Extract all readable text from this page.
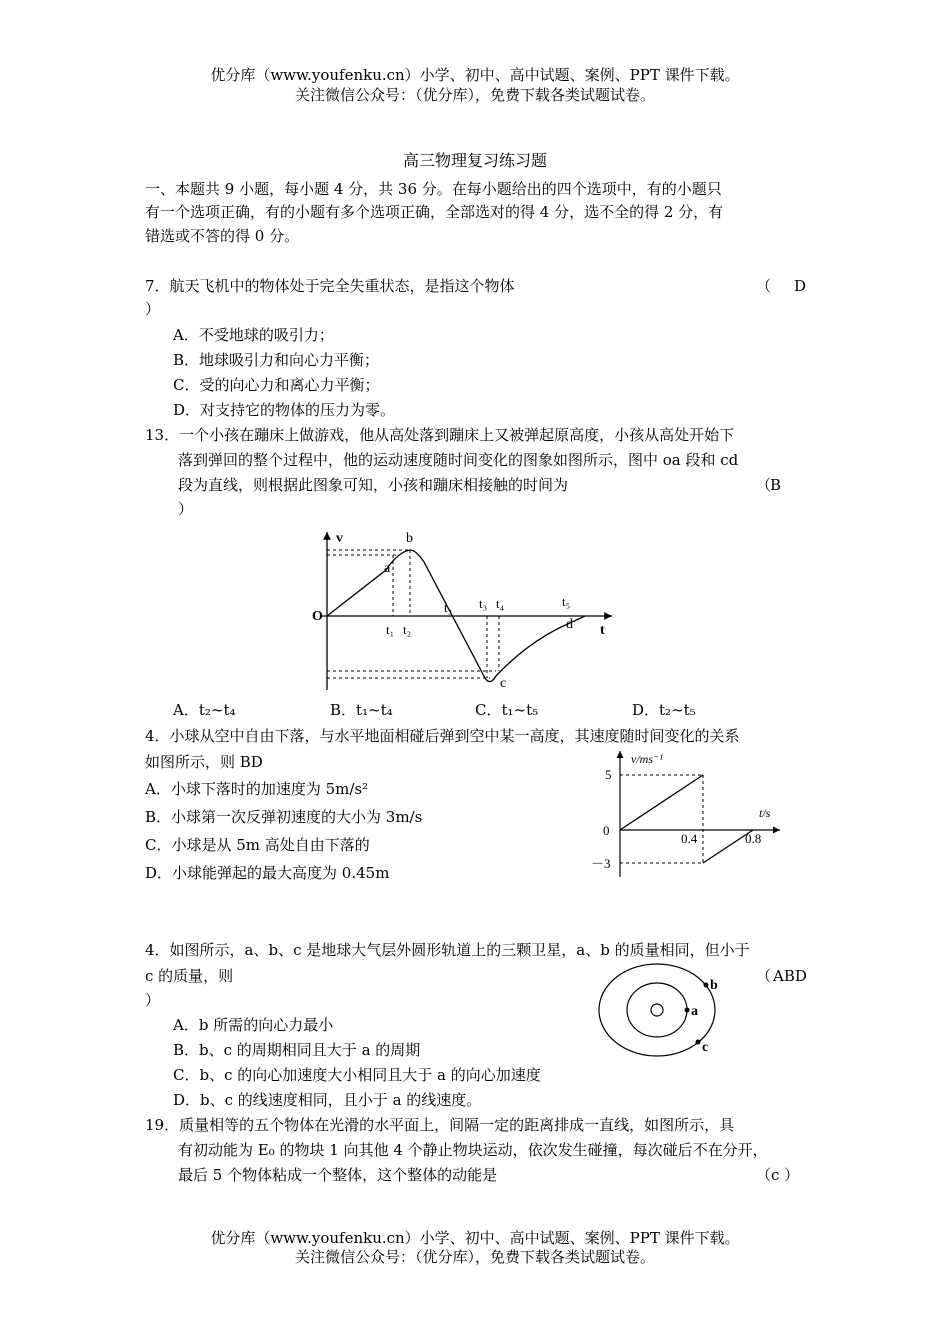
优分库（www.youfenku.cn）小学、初中、高中试题、案例、PPT 课件下载。
关注微信公众号：（优分库），免费下载各类试题试卷。
高三物理复习练习题
一、本题共 9 小题，每小题 4 分，共 36 分。在每小题给出的四个选项中，有的小题只
有一个选项正确，有的小题有多个选项正确，全部选对的得 4 分，选不全的得 2 分，有
错选或不答的得 0 分。
7．航天飞机中的物体处于完全失重状态，是指这个物体	（ D
）
A．不受地球的吸引力；
B．地球吸引力和向心力平衡；
C．受的向心力和离心力平衡；
D．对支持它的物体的压力为零。
13．一个小孩在蹦床上做游戏，他从高处落到蹦床上又被弹起原高度，小孩从高处开始下
落到弹回的整个过程中，他的运动速度随时间变化的图象如图所示，图中 oa 段和 cd
段为直线，则根据此图象可知，小孩和蹦床相接触的时间为	（
B
）
v
O
t
b
a
c
d
t₁ t₂
t₃ t₃ t₄	t₅
A．t₂~t₄	B．t₁~t₄	C．t₁~t₅	D．t₂~t₅
4．小球从空中自由下落，与水平地面相碰后弹到空中某一高度，其速度随时间变化的关系
如图所示，则 BD
A．小球下落时的加速度为 5m/s²
B．小球第一次反弹初速度的大小为 3m/s
C．小球是从 5m 高处自由下落的
D．小球能弹起的最大高度为 0.45m
v/ms⁻¹
t/s
5
0
－3
0.4	0.8
4．如图所示，a、b、c 是地球大气层外圆形轨道上的三颗卫星，a、b 的质量相同，但小于
c 的质量，则	（ ABD
）
a
b
c
A．b 所需的向心力最小
B．b、c 的周期相同且大于 a 的周期
C．b、c 的向心加速度大小相同且大于 a 的向心加速度
D．b、c 的线速度相同，且小于 a 的线速度。
19．质量相等的五个物体在光滑的水平面上，间隔一定的距离排成一直线，如图所示，具
有初动能为 E₀ 的物块 1 向其他 4 个静止物块运动，依次发生碰撞，每次碰后不在分开，
最后 5 个物体粘成一个整体，这个整体的动能是	（c ）
优分库（www.youfenku.cn）小学、初中、高中试题、案例、PPT 课件下载。
关注微信公众号：（优分库），免费下载各类试题试卷。
